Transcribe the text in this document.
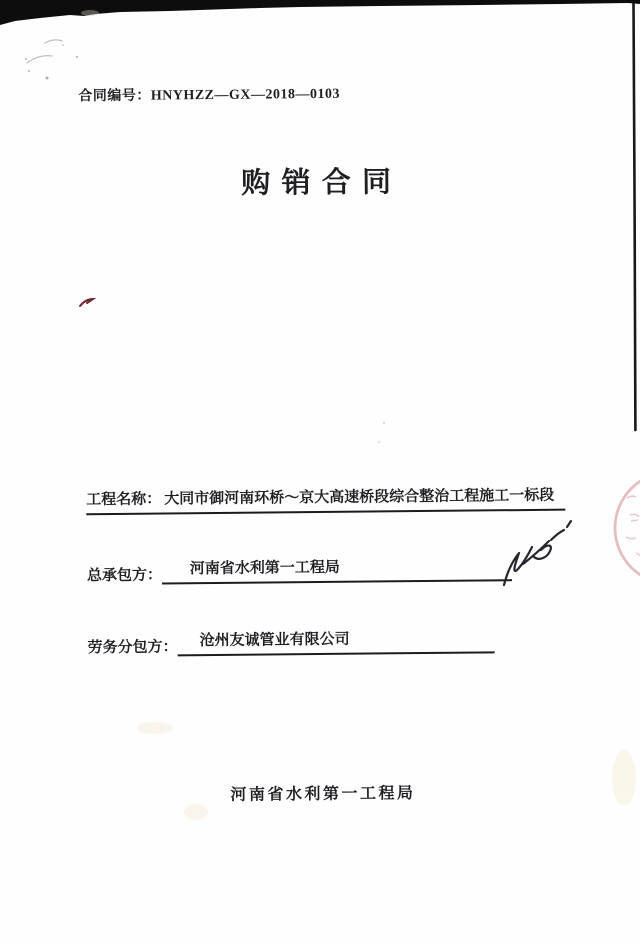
合同编号：HNYHZZ—GX—2018—0103
购 销 合 同
工程名称： 大同市御河南环桥～京大高速桥段综合整治工程施工一标段
总承包方：	河南省水利第一工程局
劳务分包方：	沧州友诚管业有限公司
河南省水利第一工程局
